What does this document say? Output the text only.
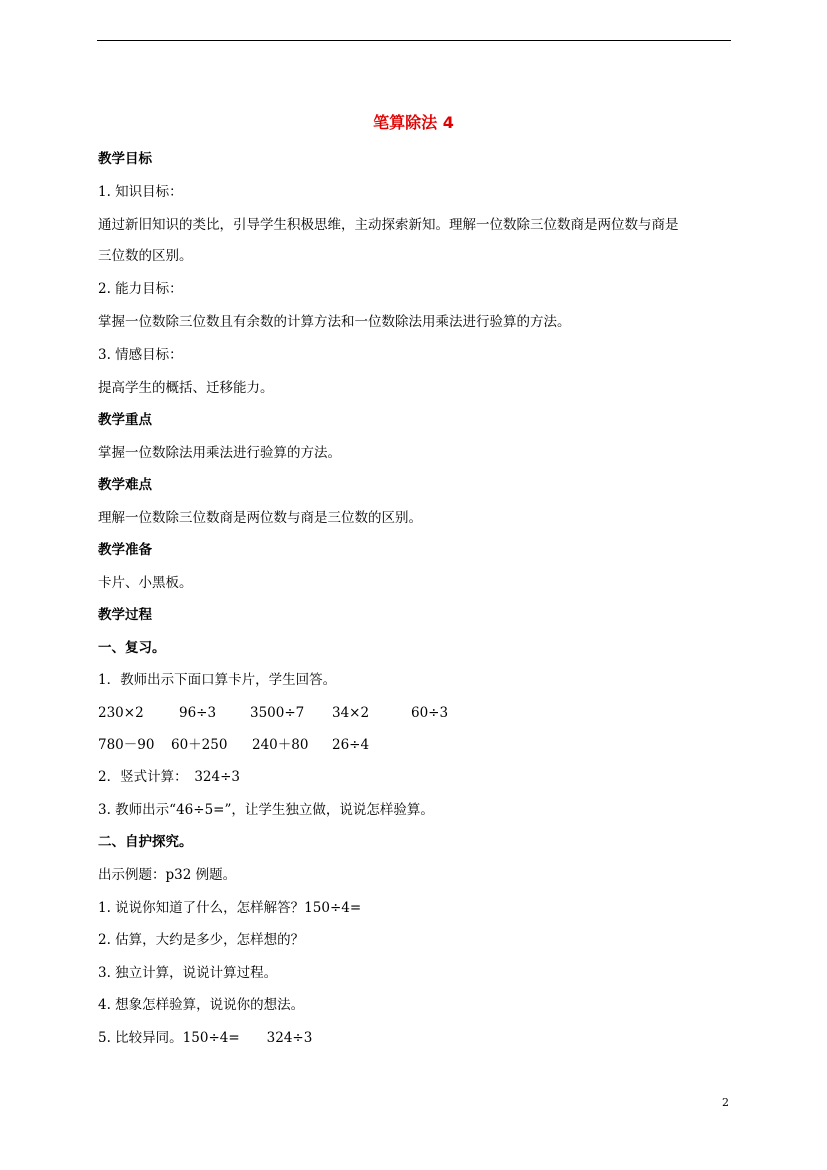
笔算除法 4
教学目标
1. 知识目标：
通过新旧知识的类比，引导学生积极思维，主动探索新知。理解一位数除三位数商是两位数与商是
三位数的区别。
2. 能力目标：
掌握一位数除三位数且有余数的计算方法和一位数除法用乘法进行验算的方法。
3. 情感目标：
提高学生的概括、迁移能力。
教学重点
掌握一位数除法用乘法进行验算的方法。
教学难点
理解一位数除三位数商是两位数与商是三位数的区别。
教学准备
卡片、小黑板。
教学过程
一、复习。
1．教师出示下面口算卡片，学生回答。
230×2	96÷3	3500÷7 34×2	60÷3
780－90 60＋250 240＋80 26÷4
2．竖式计算：　324÷3
3. 教师出示“46÷5=”，让学生独立做，说说怎样验算。
二、自护探究。
出示例题：p32 例题。
1. 说说你知道了什么，怎样解答？150÷4=
2. 估算，大约是多少，怎样想的？
3. 独立计算，说说计算过程。
4. 想象怎样验算，说说你的想法。
5. 比较异同。150÷4=　　324÷3
2
